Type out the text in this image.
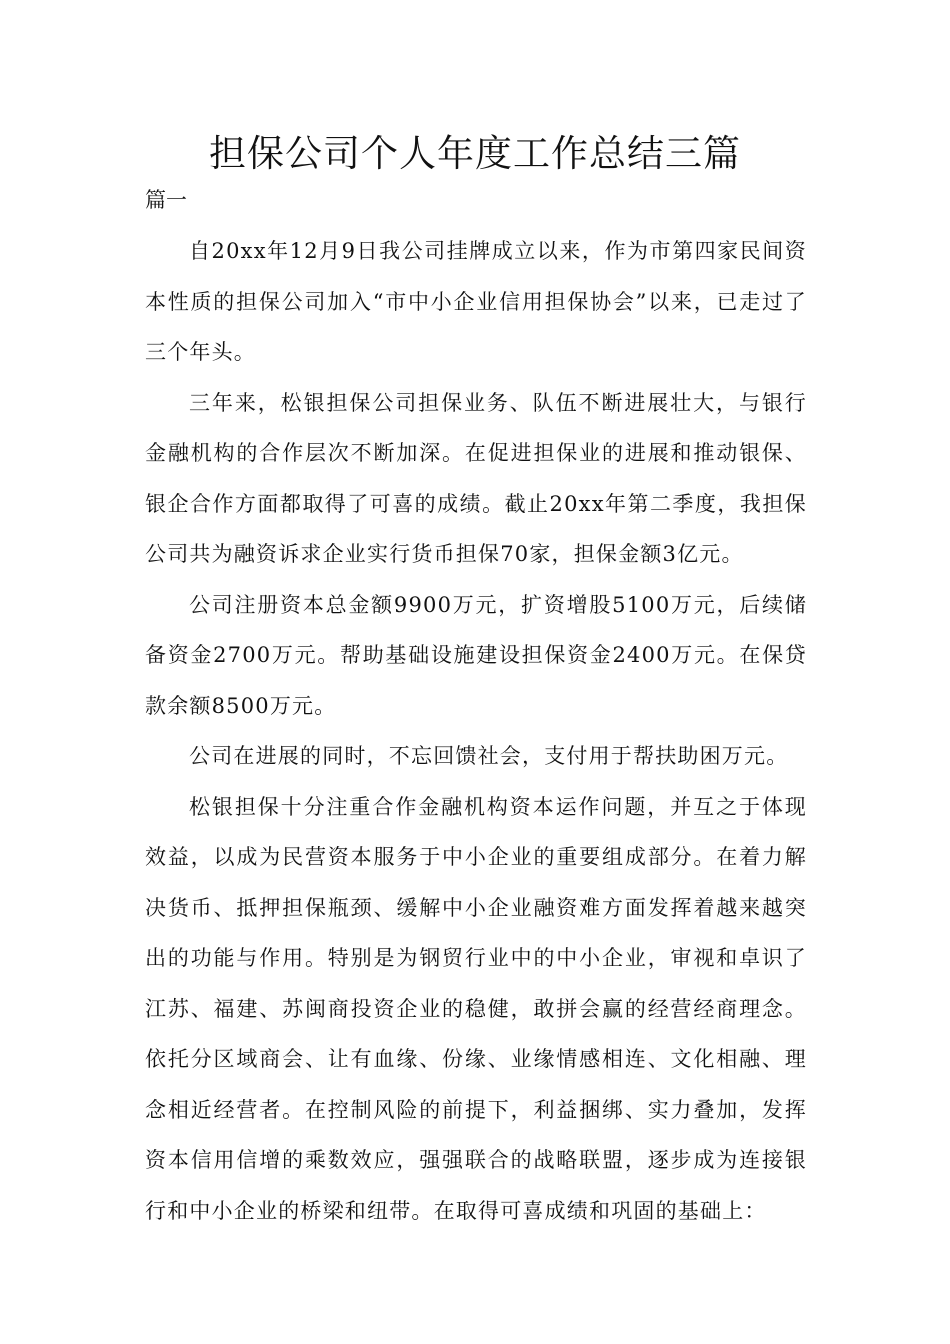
担保公司个人年度工作总结三篇
篇一

自20xx年12月9日我公司挂牌成立以来，作为市第四家民间资本性质的担保公司加入“市中小企业信用担保协会”以来，已走过了三个年头。

三年来，松银担保公司担保业务、队伍不断进展壮大，与银行金融机构的合作层次不断加深。在促进担保业的进展和推动银保、银企合作方面都取得了可喜的成绩。截止20xx年第二季度，我担保公司共为融资诉求企业实行货币担保70家，担保金额3亿元。

公司注册资本总金额9900万元，扩资增股5100万元，后续储备资金2700万元。帮助基础设施建设担保资金2400万元。在保贷款余额8500万元。

公司在进展的同时，不忘回馈社会，支付用于帮扶助困万元。

松银担保十分注重合作金融机构资本运作问题，并互之于体现效益，以成为民营资本服务于中小企业的重要组成部分。在着力解决货币、抵押担保瓶颈、缓解中小企业融资难方面发挥着越来越突出的功能与作用。特别是为钢贸行业中的中小企业，审视和卓识了江苏、福建、苏闽商投资企业的稳健，敢拼会赢的经营经商理念。依托分区域商会、让有血缘、份缘、业缘情感相连、文化相融、理念相近经营者。在控制风险的前提下，利益捆绑、实力叠加，发挥资本信用信增的乘数效应，强强联合的战略联盟，逐步成为连接银行和中小企业的桥梁和纽带。在取得可喜成绩和巩固的基础上：
